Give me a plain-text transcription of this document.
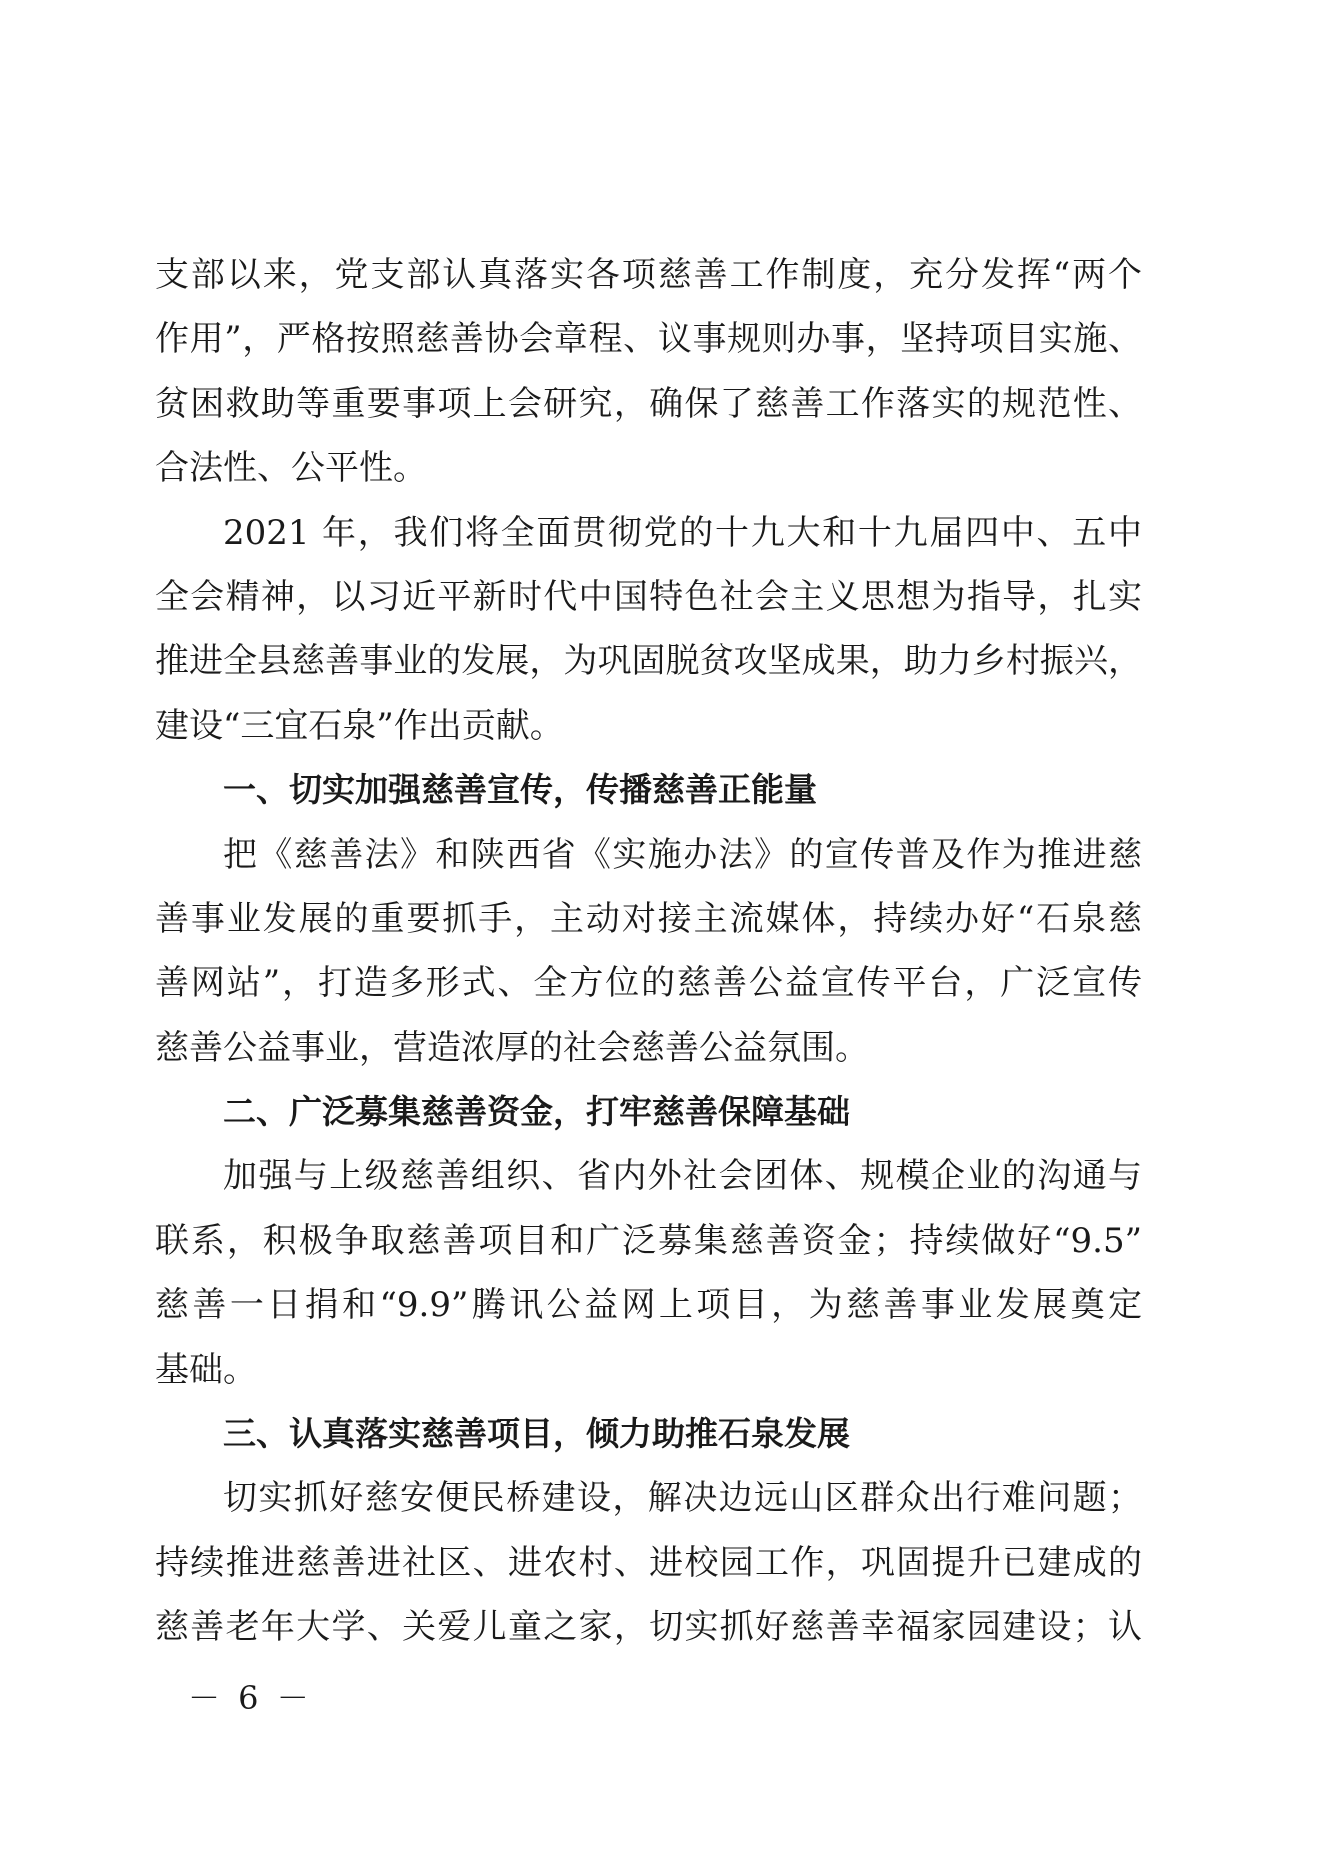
支部以来，党支部认真落实各项慈善工作制度，充分发挥“两个
作用”，严格按照慈善协会章程、议事规则办事，坚持项目实施、
贫困救助等重要事项上会研究，确保了慈善工作落实的规范性、
合法性、公平性。
2021 年，我们将全面贯彻党的十九大和十九届四中、五中
全会精神，以习近平新时代中国特色社会主义思想为指导，扎实
推进全县慈善事业的发展，为巩固脱贫攻坚成果，助力乡村振兴，
建设“三宜石泉”作出贡献。
一、切实加强慈善宣传，传播慈善正能量
把《慈善法》和陕西省《实施办法》的宣传普及作为推进慈
善事业发展的重要抓手，主动对接主流媒体，持续办好“石泉慈
善网站”，打造多形式、全方位的慈善公益宣传平台，广泛宣传
慈善公益事业，营造浓厚的社会慈善公益氛围。
二、广泛募集慈善资金，打牢慈善保障基础
加强与上级慈善组织、省内外社会团体、规模企业的沟通与
联系，积极争取慈善项目和广泛募集慈善资金；持续做好“9.5”
慈善一日捐和“9.9”腾讯公益网上项目，为慈善事业发展奠定
基础。
三、认真落实慈善项目，倾力助推石泉发展
切实抓好慈安便民桥建设，解决边远山区群众出行难问题；
持续推进慈善进社区、进农村、进校园工作，巩固提升已建成的
慈善老年大学、关爱儿童之家，切实抓好慈善幸福家园建设；认
－ 6 －
